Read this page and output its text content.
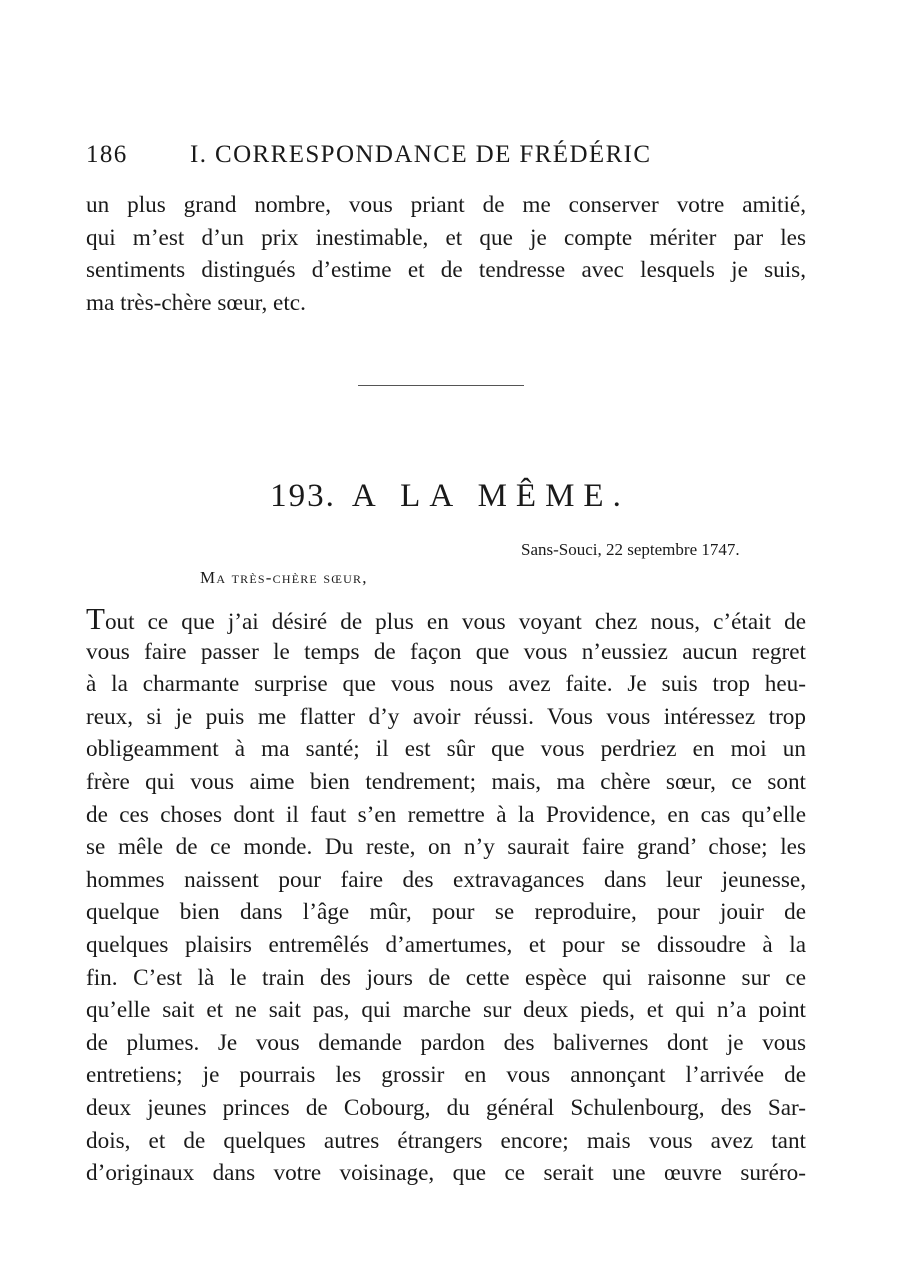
186 I. CORRESPONDANCE DE FRÉDÉRIC
un plus grand nombre, vous priant de me conserver votre amitié,
qui m’est d’un prix inestimable, et que je compte mériter par les
sentiments distingués d’estime et de tendresse avec lesquels je suis,
ma très-chère sœur, etc.
193. A LA MÊME.
Sans-Souci, 22 septembre 1747.
Ma très-chère sœur,
Tout ce que j’ai désiré de plus en vous voyant chez nous, c’était de
vous faire passer le temps de façon que vous n’eussiez aucun regret
à la charmante surprise que vous nous avez faite. Je suis trop heu-
reux, si je puis me flatter d’y avoir réussi. Vous vous intéressez trop
obligeamment à ma santé; il est sûr que vous perdriez en moi un
frère qui vous aime bien tendrement; mais, ma chère sœur, ce sont
de ces choses dont il faut s’en remettre à la Providence, en cas qu’elle
se mêle de ce monde. Du reste, on n’y saurait faire grand’ chose; les
hommes naissent pour faire des extravagances dans leur jeunesse,
quelque bien dans l’âge mûr, pour se reproduire, pour jouir de
quelques plaisirs entremêlés d’amertumes, et pour se dissoudre à la
fin. C’est là le train des jours de cette espèce qui raisonne sur ce
qu’elle sait et ne sait pas, qui marche sur deux pieds, et qui n’a point
de plumes. Je vous demande pardon des balivernes dont je vous
entretiens; je pourrais les grossir en vous annonçant l’arrivée de
deux jeunes princes de Cobourg, du général Schulenbourg, des Sar-
dois, et de quelques autres étrangers encore; mais vous avez tant
d’originaux dans votre voisinage, que ce serait une œuvre suréro-
